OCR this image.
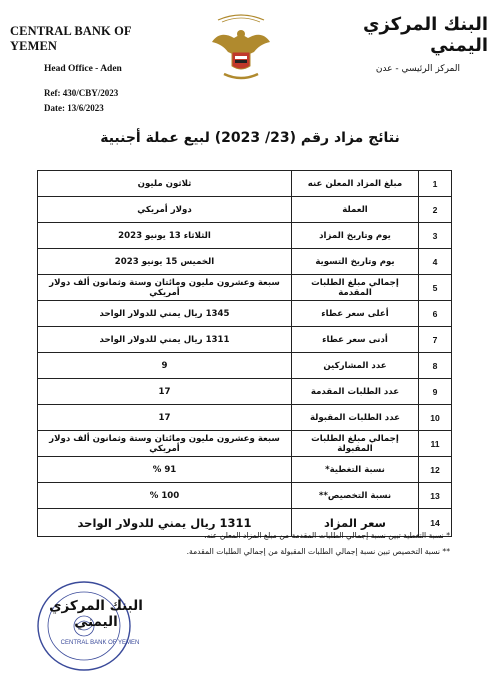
CENTRAL BANK OF YEMEN
Head Office - Aden
Ref: 430/CBY/2023
Date: 13/6/2023
البنك المركزي اليمني
المركز الرئيسي - عدن
نتائج مزاد رقم (23/ 2023) لبيع عملة أجنبية
1	مبلغ المزاد المعلن عنه	ثلاثون مليون
2	العملة	دولار أمريكي
3	يوم وتاريخ المزاد	الثلاثاء 13 يونيو 2023
4	يوم وتاريخ التسوية	الخميس 15 يونيو 2023
5	إجمالي مبلغ الطلبات المقدمة	سبعة وعشرون مليون ومائتان وستة وثمانون ألف دولار أمريكي
6	أعلى سعر عطاء	1345 ريال يمني للدولار الواحد
7	أدنى سعر عطاء	1311 ريال يمني للدولار الواحد
8	عدد المشاركين	9
9	عدد الطلبات المقدمة	17
10	عدد الطلبات المقبولة	17
11	إجمالي مبلغ الطلبات المقبولة	سبعة وعشرون مليون ومائتان وستة وثمانون ألف دولار أمريكي
12	نسبة التغطية*	91 %
13	نسبة التخصيص**	100 %
14	سعر المزاد	1311 ريال يمني للدولار الواحد
* نسبة التغطية تبين نسبة إجمالي الطلبات المقدمة من مبلغ المزاد المعلن عنه.
** نسبة التخصيص تبين نسبة إجمالي الطلبات المقبولة من إجمالي الطلبات المقدمة.
البنك المركزي اليمني
CENTRAL BANK OF YEMEN
